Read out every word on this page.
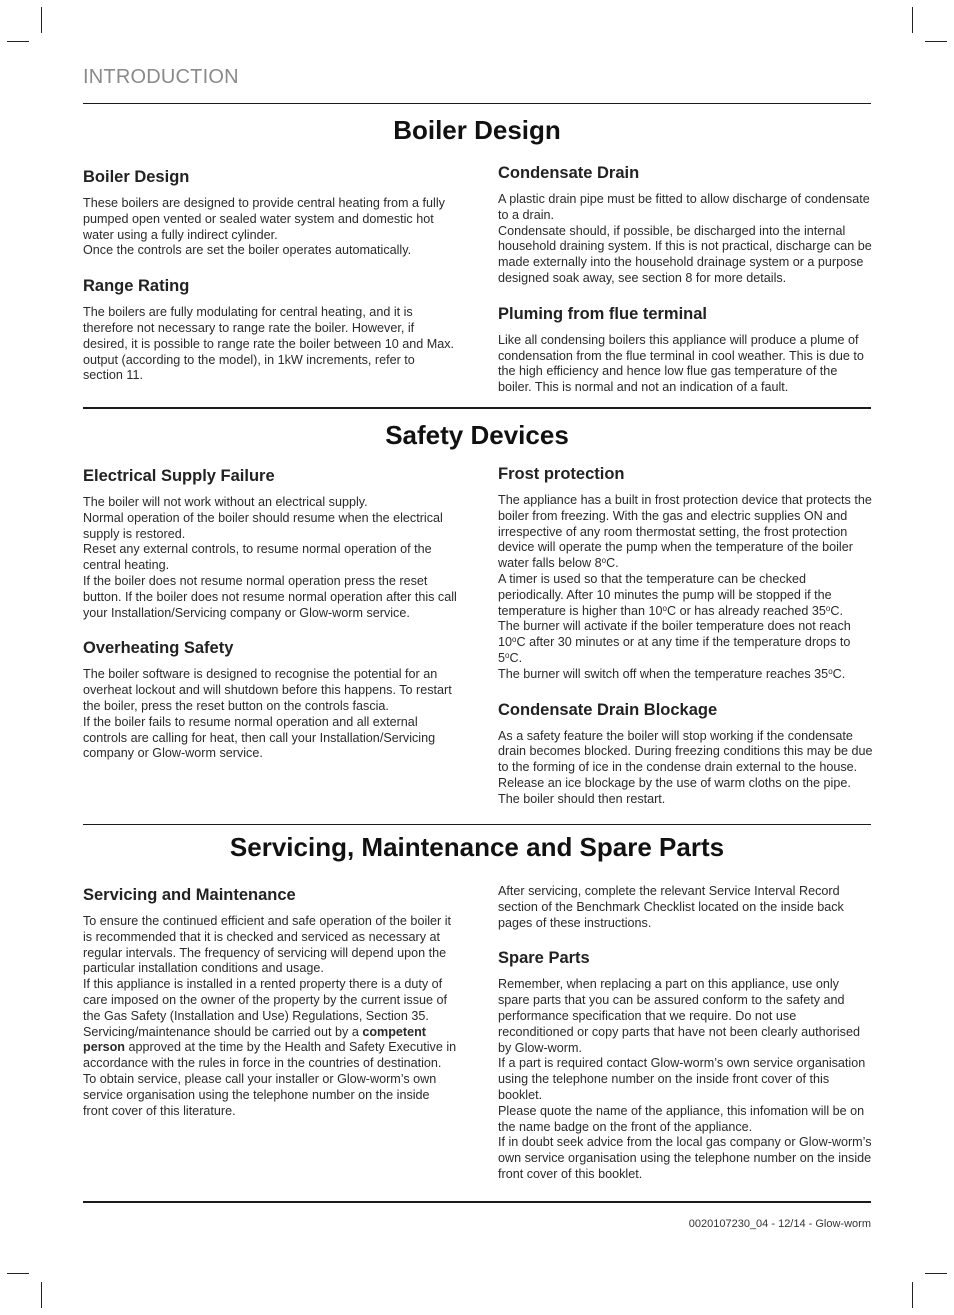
INTRODUCTION
Boiler Design
Boiler Design

These boilers are designed to provide central heating from a fully pumped open vented or sealed water system and domestic hot water using a fully indirect cylinder.

Once the controls are set the boiler operates automatically.

Range Rating

The boilers are fully modulating for central heating, and it is therefore not necessary to range rate the boiler. However, if desired, it is possible to range rate the boiler between 10 and Max. output (according to the model), in 1kW increments, refer to section 11.

Condensate Drain

A plastic drain pipe must be fitted to allow discharge of condensate to a drain.

Condensate should, if possible, be discharged into the internal household draining system. If this is not practical, discharge can be made externally into the household drainage system or a purpose designed soak away, see section 8 for more details.

Pluming from flue terminal

Like all condensing boilers this appliance will produce a plume of condensation from the flue terminal in cool weather. This is due to the high efficiency and hence low flue gas temperature of the boiler. This is normal and not an indication of a fault.

Safety Devices
Electrical Supply Failure

The boiler will not work without an electrical supply.

Normal operation of the boiler should resume when the electrical supply is restored.

Reset any external controls, to resume normal operation of the central heating.

If the boiler does not resume normal operation press the reset button. If the boiler does not resume normal operation after this call your Installation/Servicing company or Glow-worm service.

Overheating Safety

The boiler software is designed to recognise the potential for an overheat lockout and will shutdown before this happens. To restart the boiler, press the reset button on the controls fascia.

If the boiler fails to resume normal operation and all external controls are calling for heat, then call your Installation/Servicing company or Glow-worm service.

Frost protection

The appliance has a built in frost protection device that protects the boiler from freezing. With the gas and electric supplies ON and irrespective of any room thermostat setting, the frost protection device will operate the pump when the temperature of the boiler water falls below 8$^o$C.

A timer is used so that the temperature can be checked periodically. After 10 minutes the pump will be stopped if the temperature is higher than 10$^o$C or has already reached 35$^o$C.

The burner will activate if the boiler temperature does not reach 10$^o$C after 30 minutes or at any time if the temperature drops to 5$^o$C.

The burner will switch off when the temperature reaches 35$^o$C.

Condensate Drain Blockage

As a safety feature the boiler will stop working if the condensate drain becomes blocked. During freezing conditions this may be due to the forming of ice in the condense drain external to the house. Release an ice blockage by the use of warm cloths on the pipe. The boiler should then restart.

Servicing, Maintenance and Spare Parts
Servicing and Maintenance

To ensure the continued efficient and safe operation of the boiler it is recommended that it is checked and serviced as necessary at regular intervals. The frequency of servicing will depend upon the particular installation conditions and usage.

If this appliance is installed in a rented property there is a duty of care imposed on the owner of the property by the current issue of the Gas Safety (Installation and Use) Regulations, Section 35.

Servicing/maintenance should be carried out by a competent person approved at the time by the Health and Safety Executive in accordance with the rules in force in the countries of destination.

To obtain service, please call your installer or Glow-worm’s own service organisation using the telephone number on the inside front cover of this literature.

After servicing, complete the relevant Service Interval Record section of the Benchmark Checklist located on the inside back pages of these instructions.

Spare Parts

Remember, when replacing a part on this appliance, use only spare parts that you can be assured conform to the safety and performance specification that we require. Do not use reconditioned or copy parts that have not been clearly authorised by Glow-worm.

If a part is required contact Glow-worm’s own service organisation using the telephone number on the inside front cover of this booklet.

Please quote the name of the appliance, this infomation will be on the name badge on the front of the appliance.

If in doubt seek advice from the local gas company or Glow-worm’s own service organisation using the telephone number on the inside front cover of this booklet.

0020107230_04 - 12/14 - Glow-worm
